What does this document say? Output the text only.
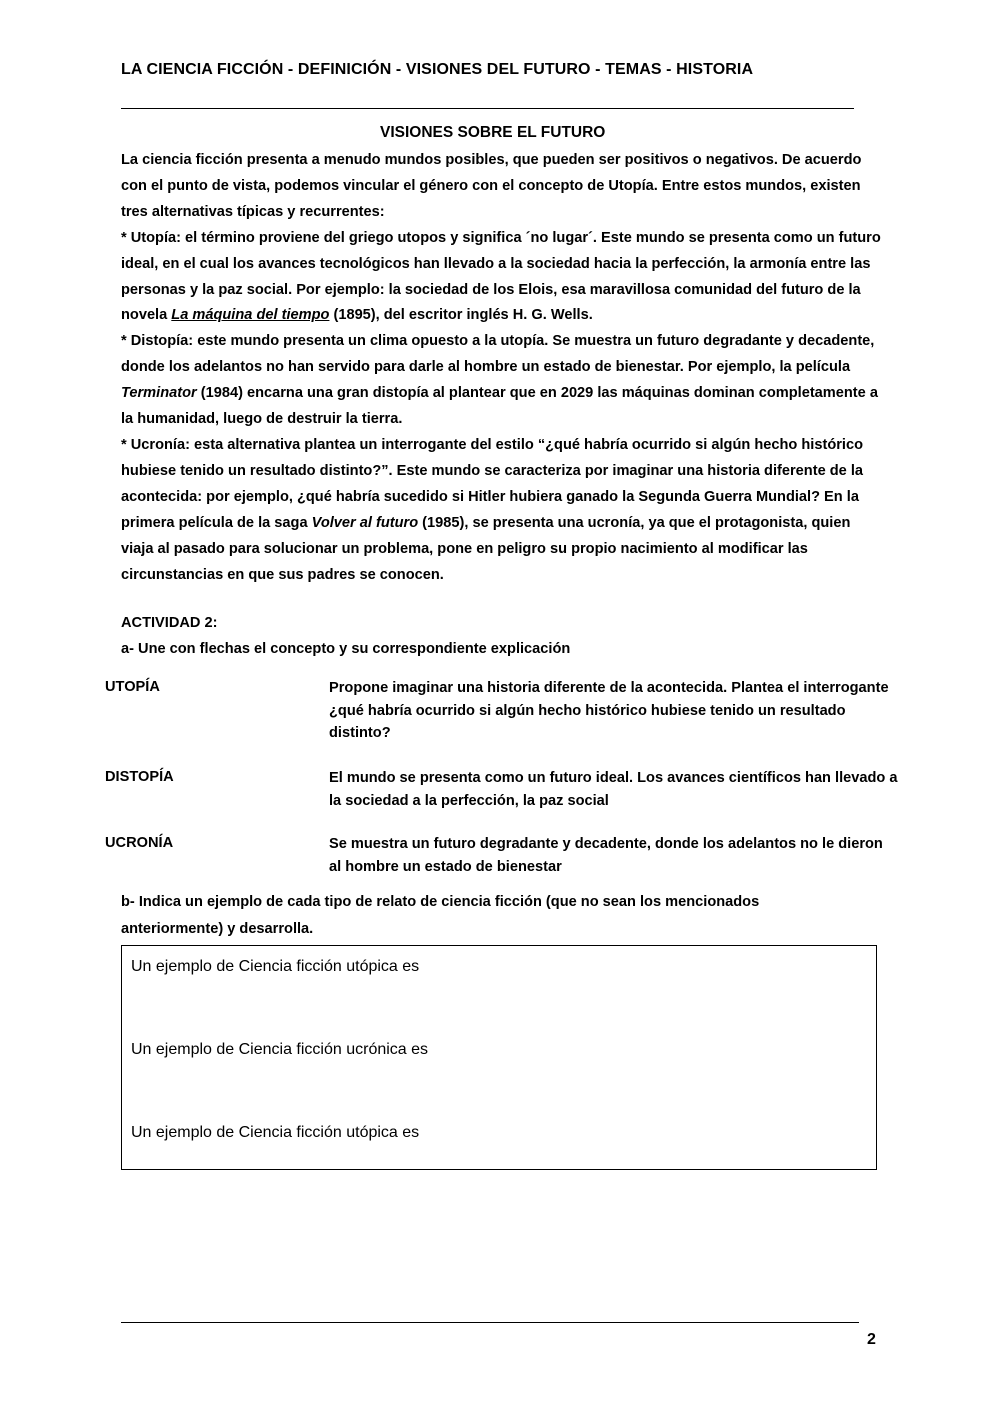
LA CIENCIA FICCIÓN - DEFINICIÓN - VISIONES DEL FUTURO - TEMAS - HISTORIA
VISIONES SOBRE EL FUTURO

La ciencia ficción presenta a menudo mundos posibles, que pueden ser positivos o negativos. De acuerdo con el punto de vista, podemos vincular el género con el concepto de Utopía. Entre estos mundos, existen tres alternativas típicas y recurrentes:

* Utopía: el término proviene del griego utopos y significa ´no lugar´. Este mundo se presenta como un futuro ideal, en el cual los avances tecnológicos han llevado a la sociedad hacia la perfección, la armonía entre las personas y la paz social. Por ejemplo: la sociedad de los Elois, esa maravillosa comunidad del futuro de la novela La máquina del tiempo (1895), del escritor inglés H. G. Wells.

* Distopía: este mundo presenta un clima opuesto a la utopía. Se muestra un futuro degradante y decadente, donde los adelantos no han servido para darle al hombre un estado de bienestar. Por ejemplo, la película Terminator (1984) encarna una gran distopía al plantear que en 2029 las máquinas dominan completamente a la humanidad, luego de destruir la tierra.

* Ucronía: esta alternativa plantea un interrogante del estilo “¿qué habría ocurrido si algún hecho histórico hubiese tenido un resultado distinto?”. Este mundo se caracteriza por imaginar una historia diferente de la acontecida: por ejemplo, ¿qué habría sucedido si Hitler hubiera ganado la Segunda Guerra Mundial? En la primera película de la saga Volver al futuro (1985), se presenta una ucronía, ya que el protagonista, quien viaja al pasado para solucionar un problema, pone en peligro su propio nacimiento al modificar las circunstancias en que sus padres se conocen.

ACTIVIDAD 2:
a- Une con flechas el concepto y su correspondiente explicación
UTOPÍA	Propone imaginar una historia diferente de la acontecida. Plantea el interrogante ¿qué habría ocurrido si algún hecho histórico hubiese tenido un resultado distinto?
DISTOPÍA	El mundo se presenta como un futuro ideal. Los avances científicos han llevado a la sociedad a la perfección, la paz social
UCRONÍA	Se muestra un futuro degradante y decadente, donde los adelantos no le dieron al hombre un estado de bienestar
b- Indica un ejemplo de cada tipo de relato de ciencia ficción (que no sean los mencionados anteriormente) y desarrolla.
Un ejemplo de Ciencia ficción utópica es
Un ejemplo de Ciencia ficción ucrónica es
Un ejemplo de Ciencia ficción utópica es
2
